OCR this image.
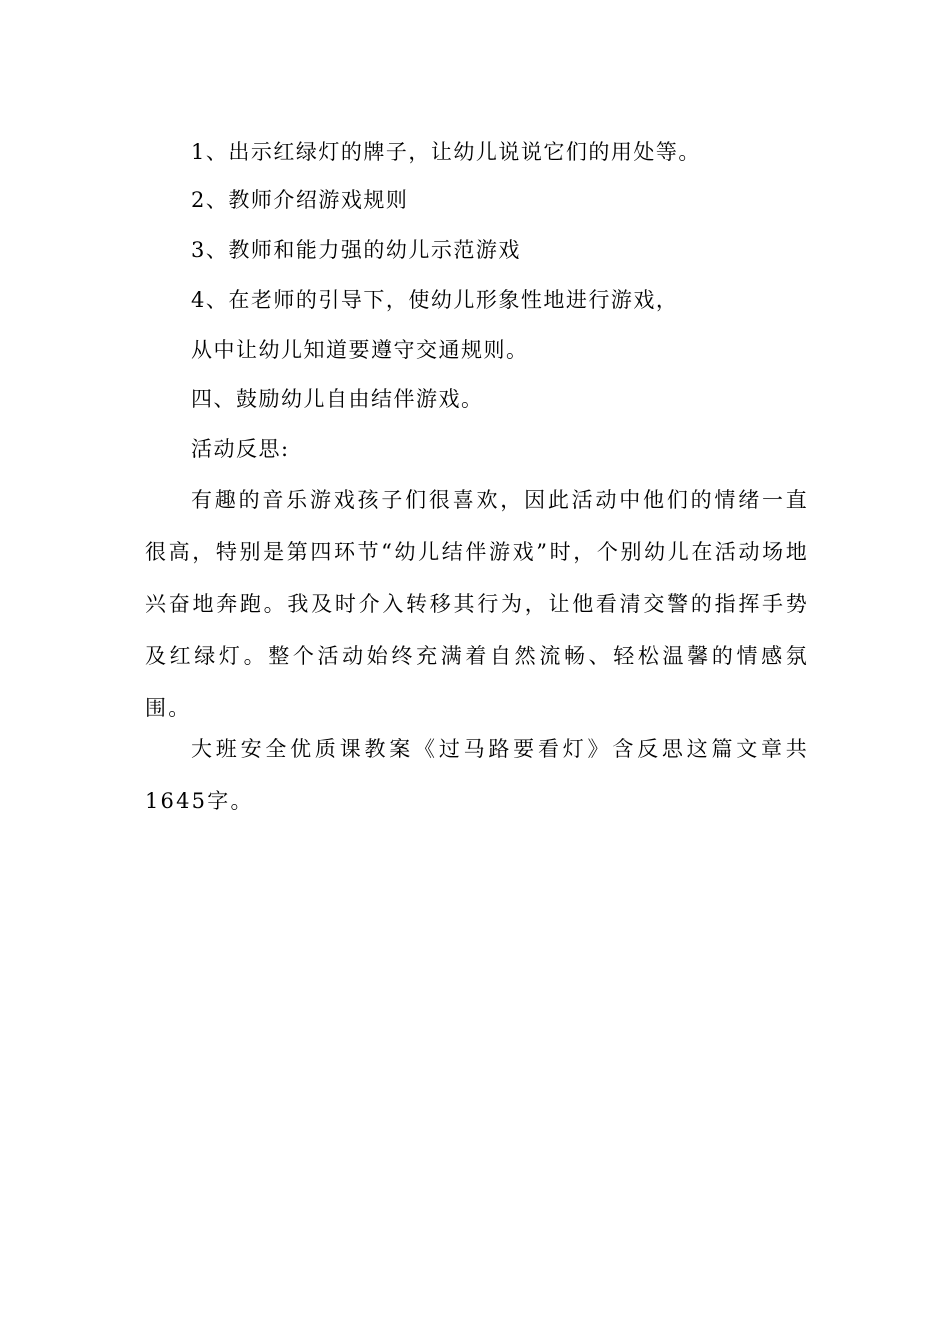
1、出示红绿灯的牌子，让幼儿说说它们的用处等。
2、教师介绍游戏规则
3、教师和能力强的幼儿示范游戏
4、在老师的引导下，使幼儿形象性地进行游戏，
从中让幼儿知道要遵守交通规则。
四、鼓励幼儿自由结伴游戏。
活动反思:
有趣的音乐游戏孩子们很喜欢，因此活动中他们的情绪一直很高，特别是第四环节“幼儿结伴游戏”时，个别幼儿在活动场地兴奋地奔跑。我及时介入转移其行为，让他看清交警的指挥手势及红绿灯。整个活动始终充满着自然流畅、轻松温馨的情感氛围。
大班安全优质课教案《过马路要看灯》含反思这篇文章共1645字。
